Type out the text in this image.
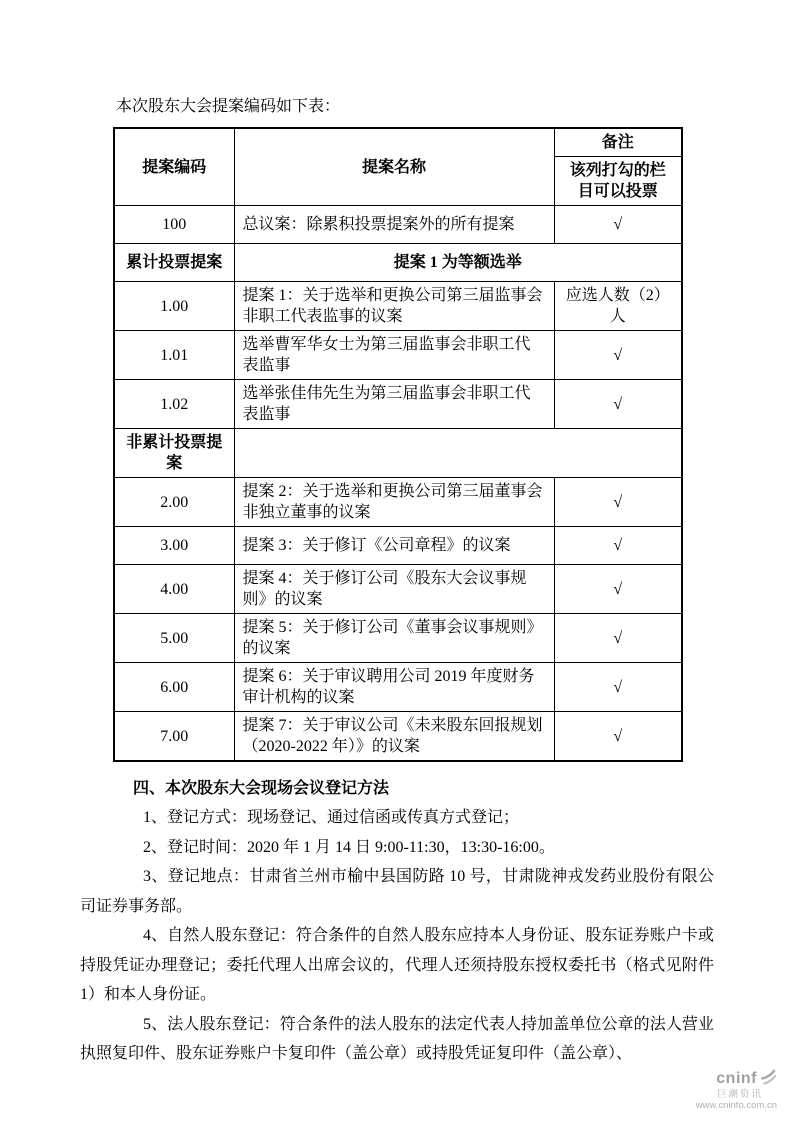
本次股东大会提案编码如下表：

提案编码	提案名称	备注
		该列打勾的栏目可以投票
100	总议案：除累积投票提案外的所有提案	√
累计投票提案	提案 1 为等额选举	
1.00	提案 1：关于选举和更换公司第三届监事会非职工代表监事的议案	应选人数（2）人
1.01	选举曹军华女士为第三届监事会非职工代表监事	√
1.02	选举张佳伟先生为第三届监事会非职工代表监事	√
非累计投票提案		
2.00	提案 2：关于选举和更换公司第三届董事会非独立董事的议案	√
3.00	提案 3：关于修订《公司章程》的议案	√
4.00	提案 4：关于修订公司《股东大会议事规则》的议案	√
5.00	提案 5：关于修订公司《董事会议事规则》的议案	√
6.00	提案 6：关于审议聘用公司 2019 年度财务审计机构的议案	√
7.00	提案 7：关于审议公司《未来股东回报规划（2020-2022 年）》的议案	√

四、本次股东大会现场会议登记方法

1、登记方式：现场登记、通过信函或传真方式登记；

2、登记时间：2020 年 1 月 14 日 9:00-11:30，13:30-16:00。

3、登记地点：甘肃省兰州市榆中县国防路 10 号，甘肃陇神戎发药业股份有限公司证券事务部。

4、自然人股东登记：符合条件的自然人股东应持本人身份证、股东证券账户卡或持股凭证办理登记；委托代理人出席会议的，代理人还须持股东授权委托书（格式见附件 1）和本人身份证。

5、法人股东登记：符合条件的法人股东的法定代表人持加盖单位公章的法人营业执照复印件、股东证券账户卡复印件（盖公章）或持股凭证复印件（盖公章）、

cninf
巨潮资讯
www.cninfo.com.cn
